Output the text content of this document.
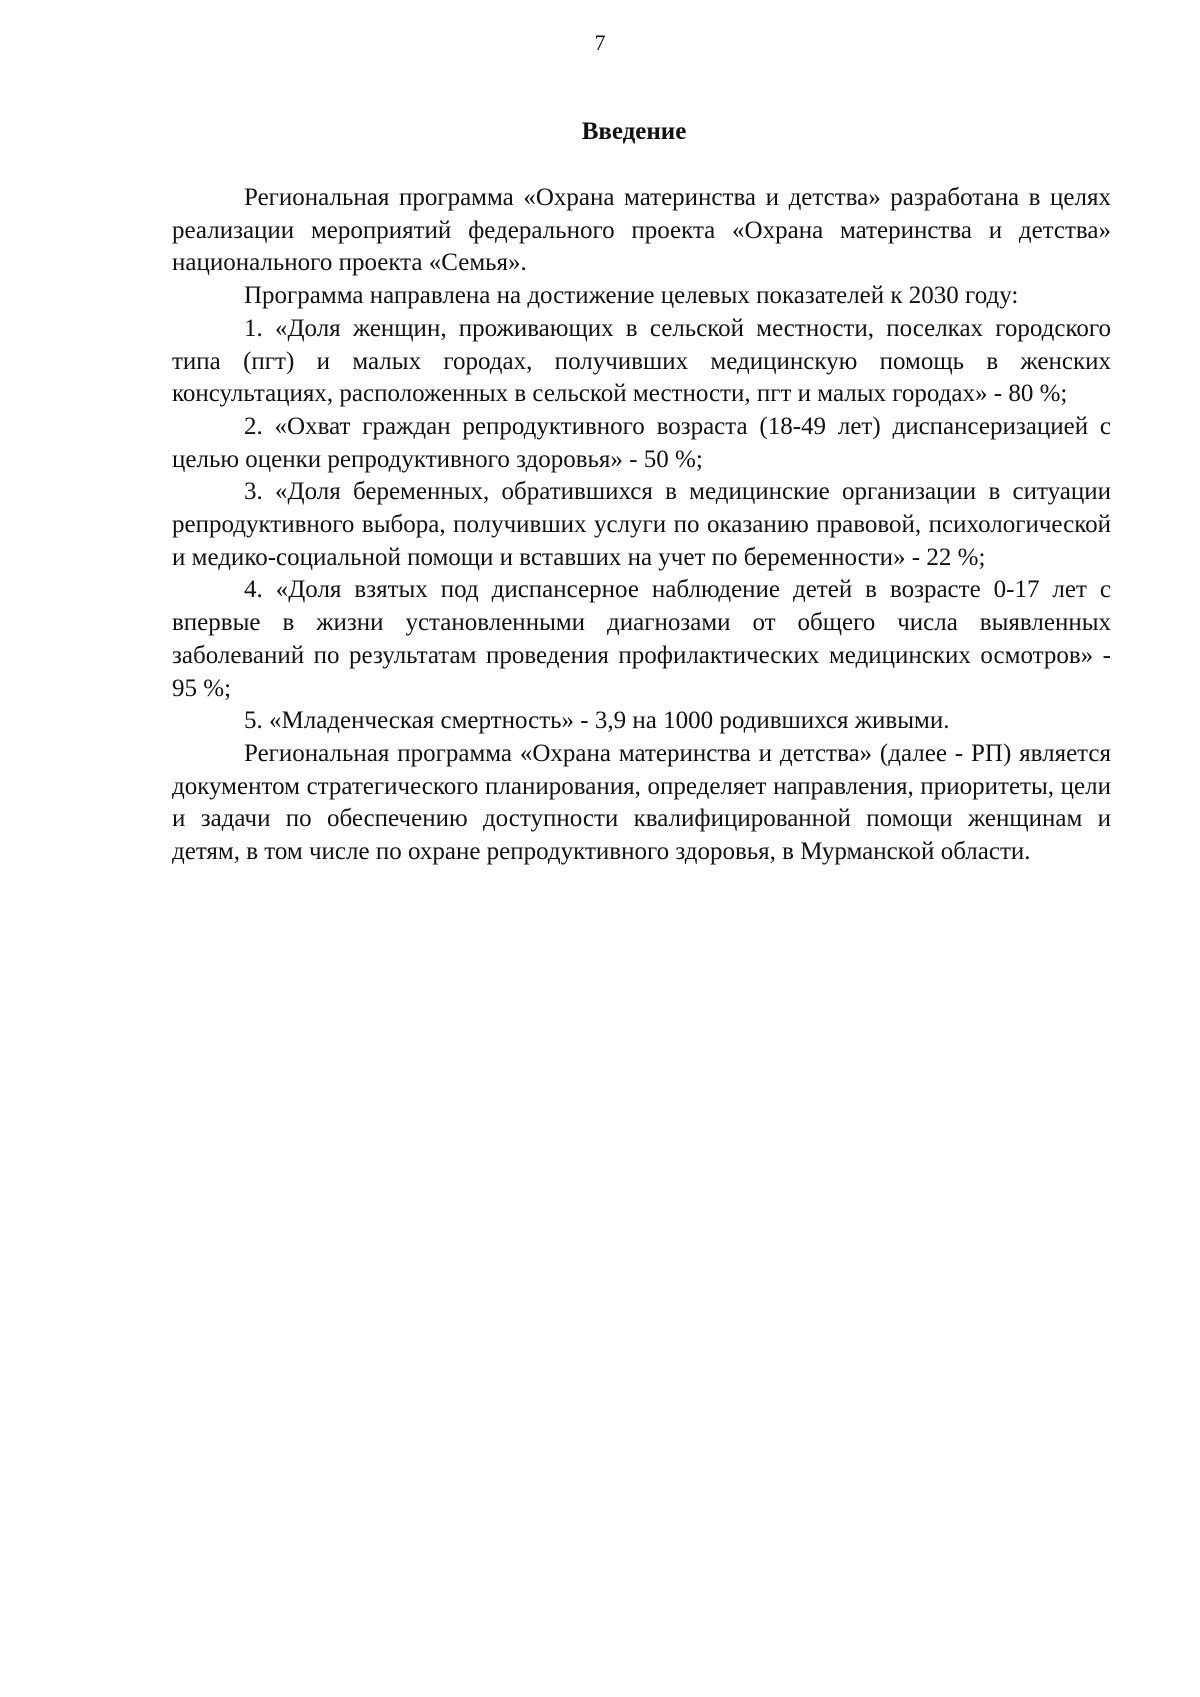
7

Введение

Региональная программа «Охрана материнства и детства» разработана в целях реализации мероприятий федерального проекта «Охрана материнства и детства» национального проекта «Семья».

Программа направлена на достижение целевых показателей к 2030 году:

1. «Доля женщин, проживающих в сельской местности, поселках городского типа (пгт) и малых городах, получивших медицинскую помощь в женских консультациях, расположенных в сельской местности, пгт и малых городах» - 80 %;

2. «Охват граждан репродуктивного возраста (18-49 лет) диспансеризацией с целью оценки репродуктивного здоровья» - 50 %;

3. «Доля беременных, обратившихся в медицинские организации в ситуации репродуктивного выбора, получивших услуги по оказанию правовой, психологической и медико-социальной помощи и вставших на учет по беременности» - 22 %;

4. «Доля взятых под диспансерное наблюдение детей в возрасте 0-17 лет с впервые в жизни установленными диагнозами от общего числа выявленных заболеваний по результатам проведения профилактических медицинских осмотров» - 95 %;

5. «Младенческая смертность» - 3,9 на 1000 родившихся живыми.

Региональная программа «Охрана материнства и детства» (далее - РП) является документом стратегического планирования, определяет направления, приоритеты, цели и задачи по обеспечению доступности квалифицированной помощи женщинам и детям, в том числе по охране репродуктивного здоровья, в Мурманской области.
